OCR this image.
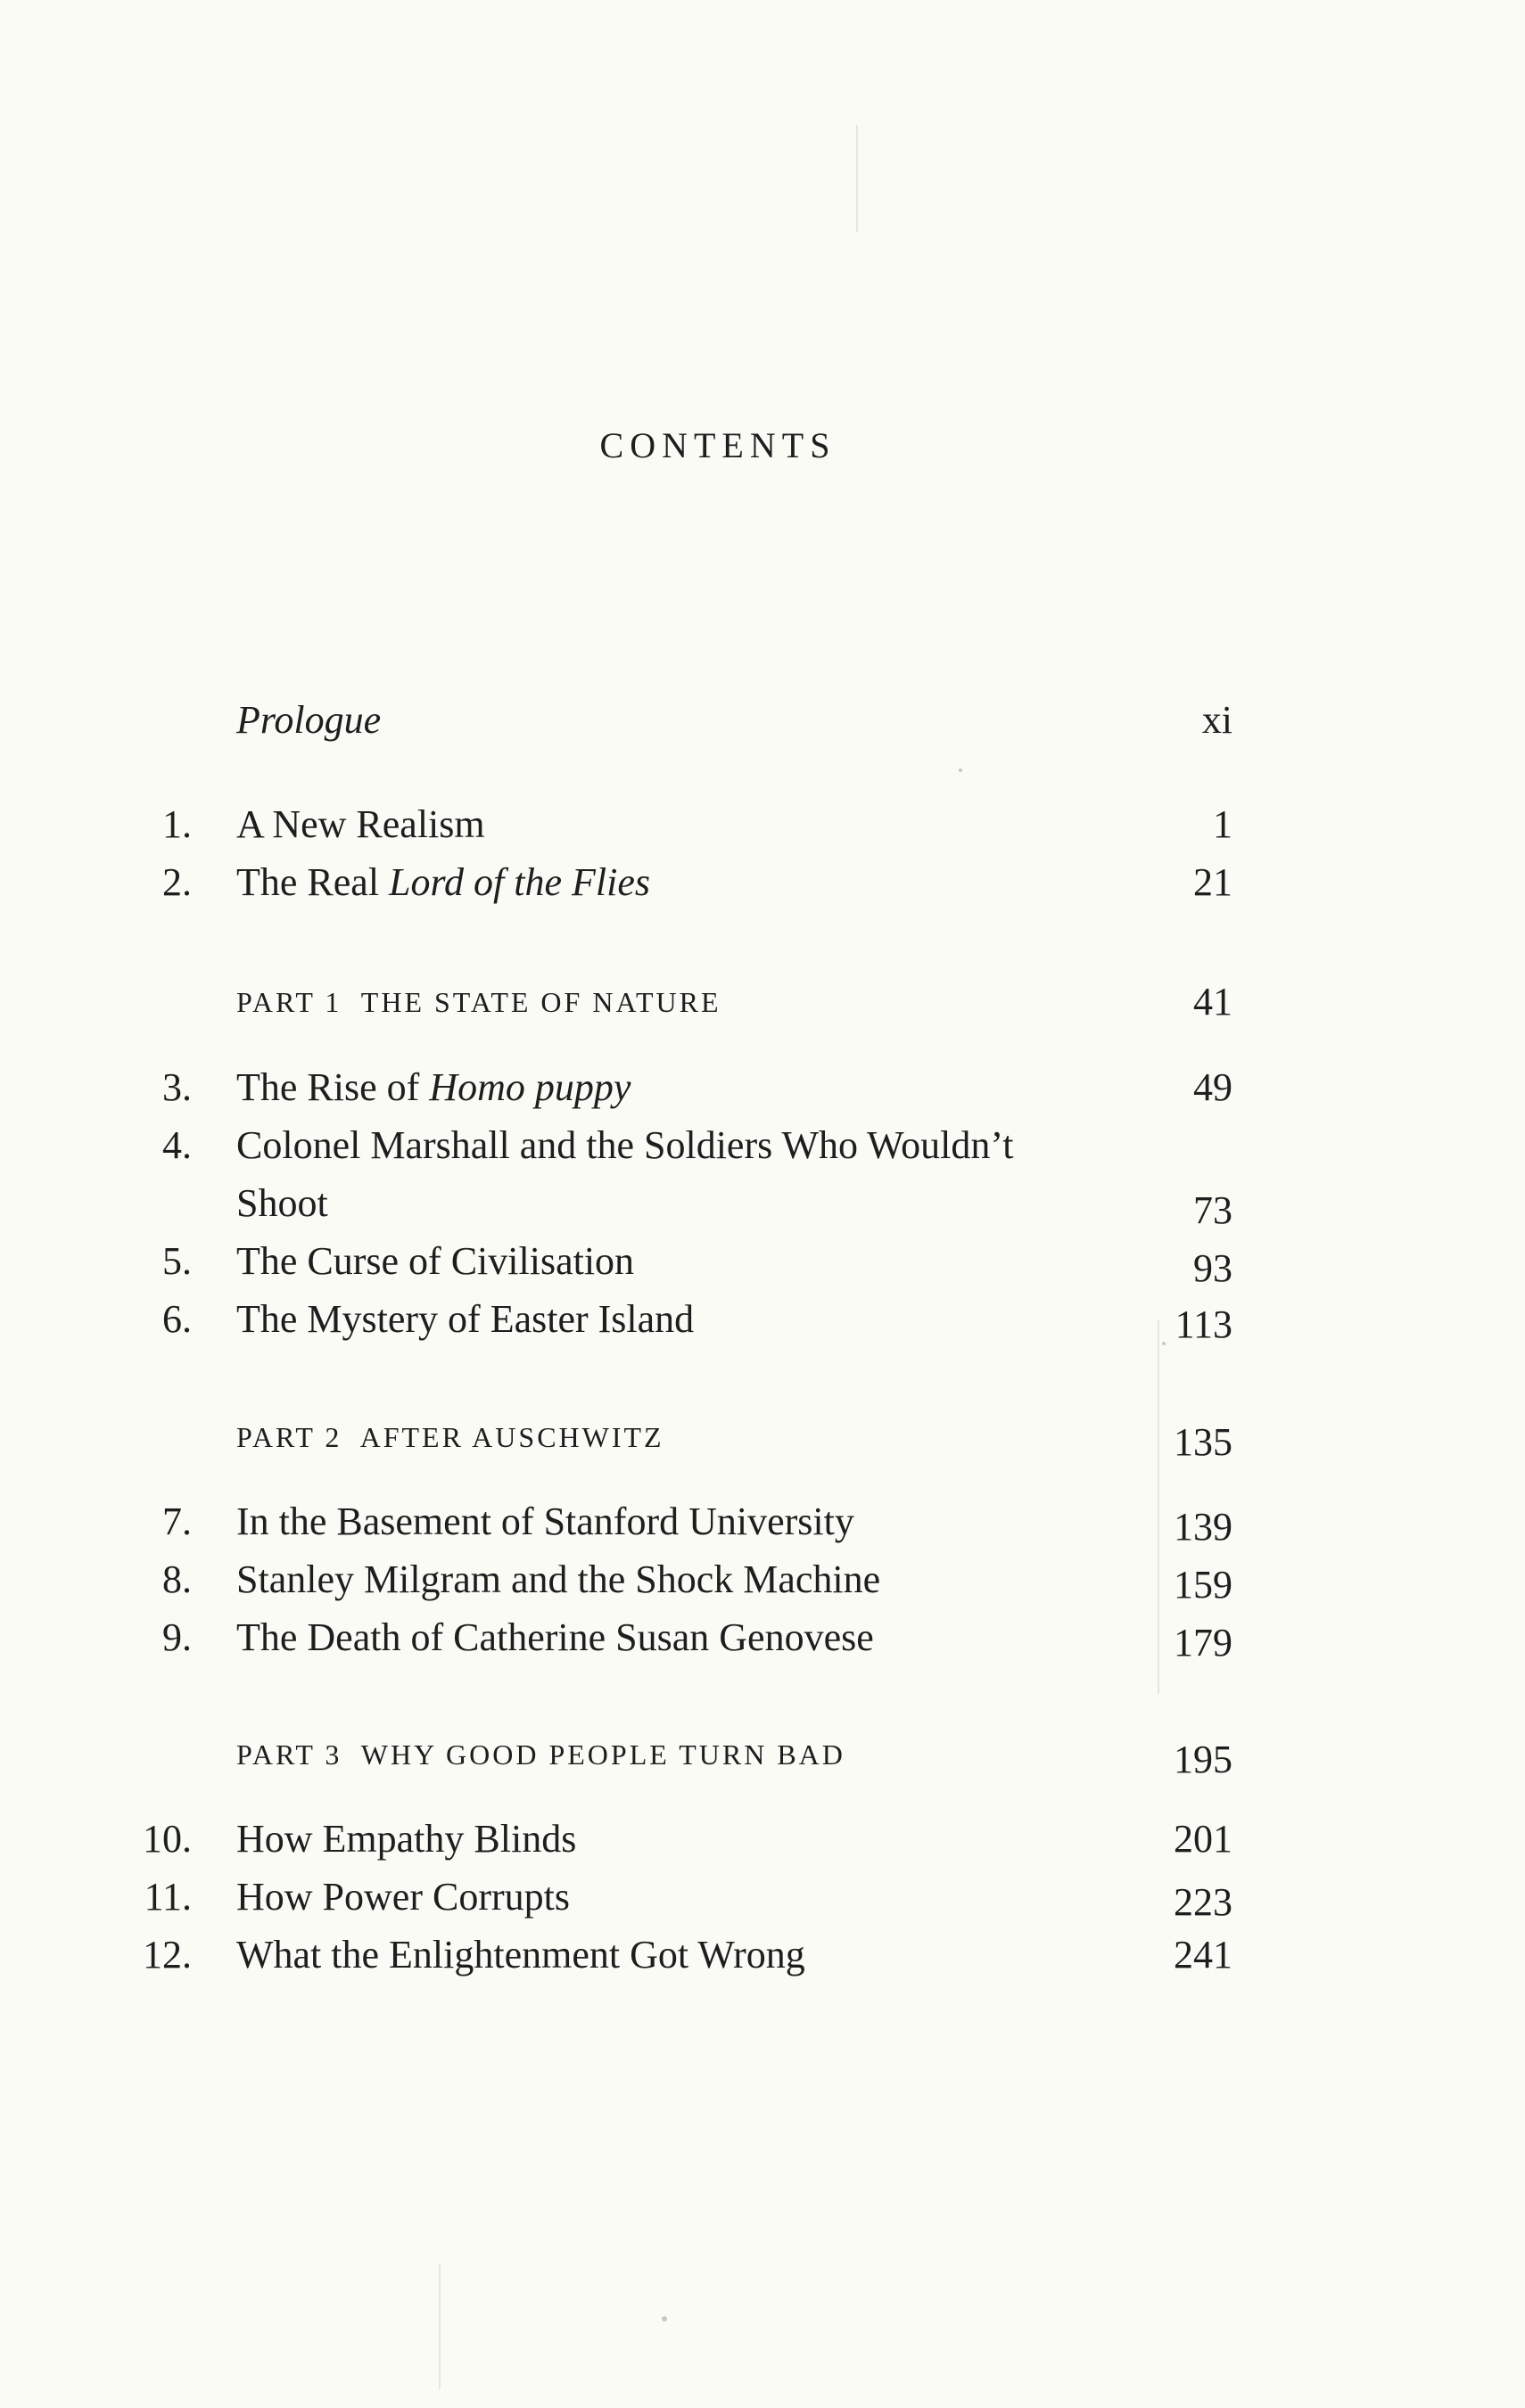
CONTENTS
Prologue	xi
1. A New Realism	1
2. The Real Lord of the Flies	21
PART 1  THE STATE OF NATURE	41
3. The Rise of Homo puppy	49
4. Colonel Marshall and the Soldiers Who Wouldn’t
Shoot	73
5. The Curse of Civilisation	93
6. The Mystery of Easter Island	113
PART 2  AFTER AUSCHWITZ	135
7. In the Basement of Stanford University	139
8. Stanley Milgram and the Shock Machine	159
9. The Death of Catherine Susan Genovese	179
PART 3  WHY GOOD PEOPLE TURN BAD	195
10. How Empathy Blinds	201
11. How Power Corrupts	223
12. What the Enlightenment Got Wrong	241
